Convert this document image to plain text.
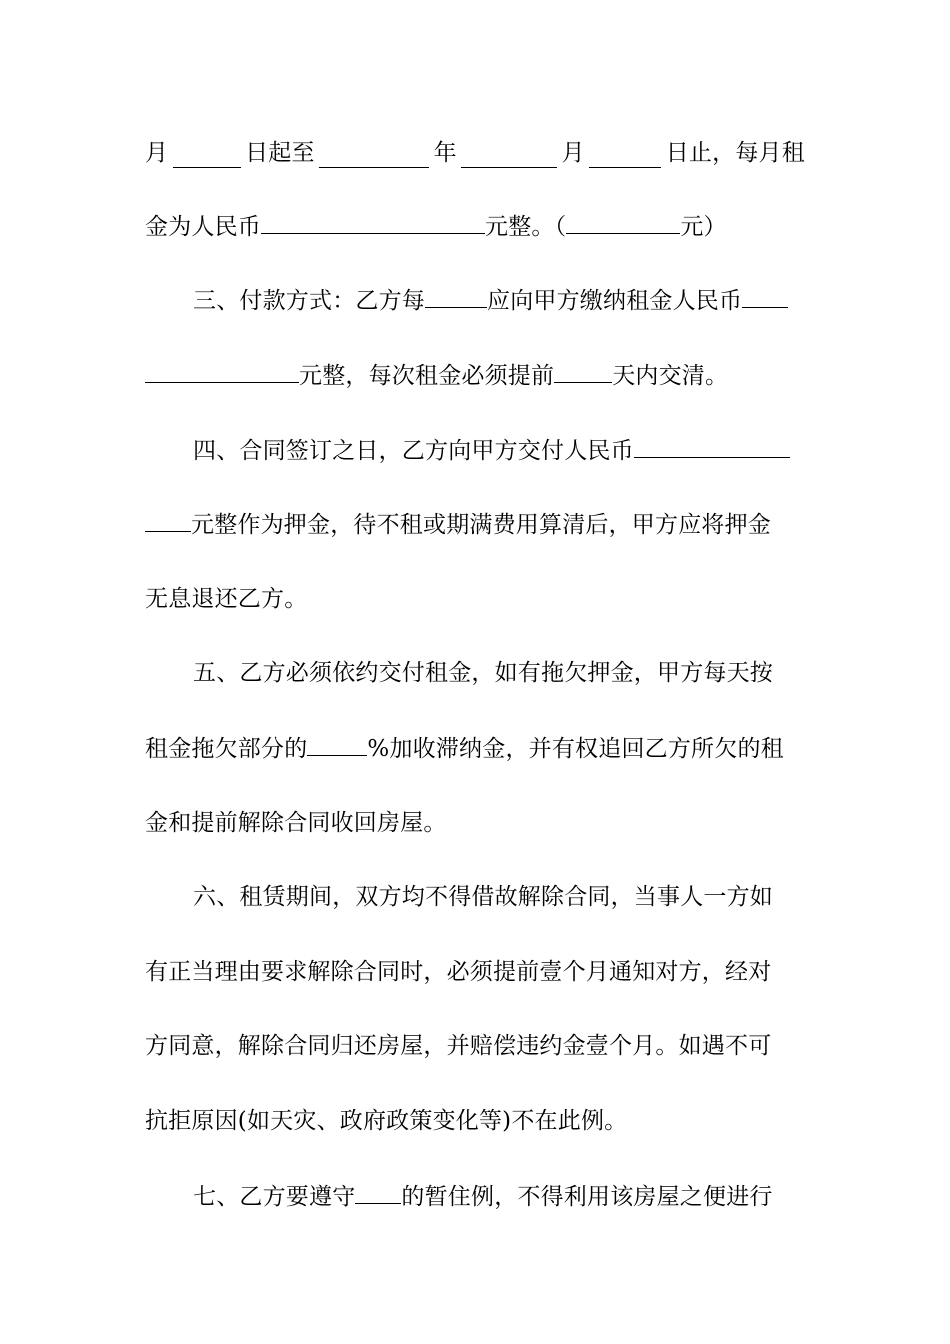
月	日起至	年	月	日止，每月租
金为人民币	元整。（	元）
三、付款方式：乙方每	应向甲方缴纳租金人民币
元整，每次租金必须提前	天内交清。
四、合同签订之日，乙方向甲方交付人民币
元整作为押金，待不租或期满费用算清后，甲方应将押金
无息退还乙方。
五、乙方必须依约交付租金，如有拖欠押金，甲方每天按
租金拖欠部分的	%加收滞纳金，并有权追回乙方所欠的租
金和提前解除合同收回房屋。
六、租赁期间，双方均不得借故解除合同，当事人一方如
有正当理由要求解除合同时，必须提前壹个月通知对方，经对
方同意，解除合同归还房屋，并赔偿违约金壹个月。如遇不可
抗拒原因(如天灾、政府政策变化等)不在此例。
七、乙方要遵守 的暂住例，不得利用该房屋之便进行
